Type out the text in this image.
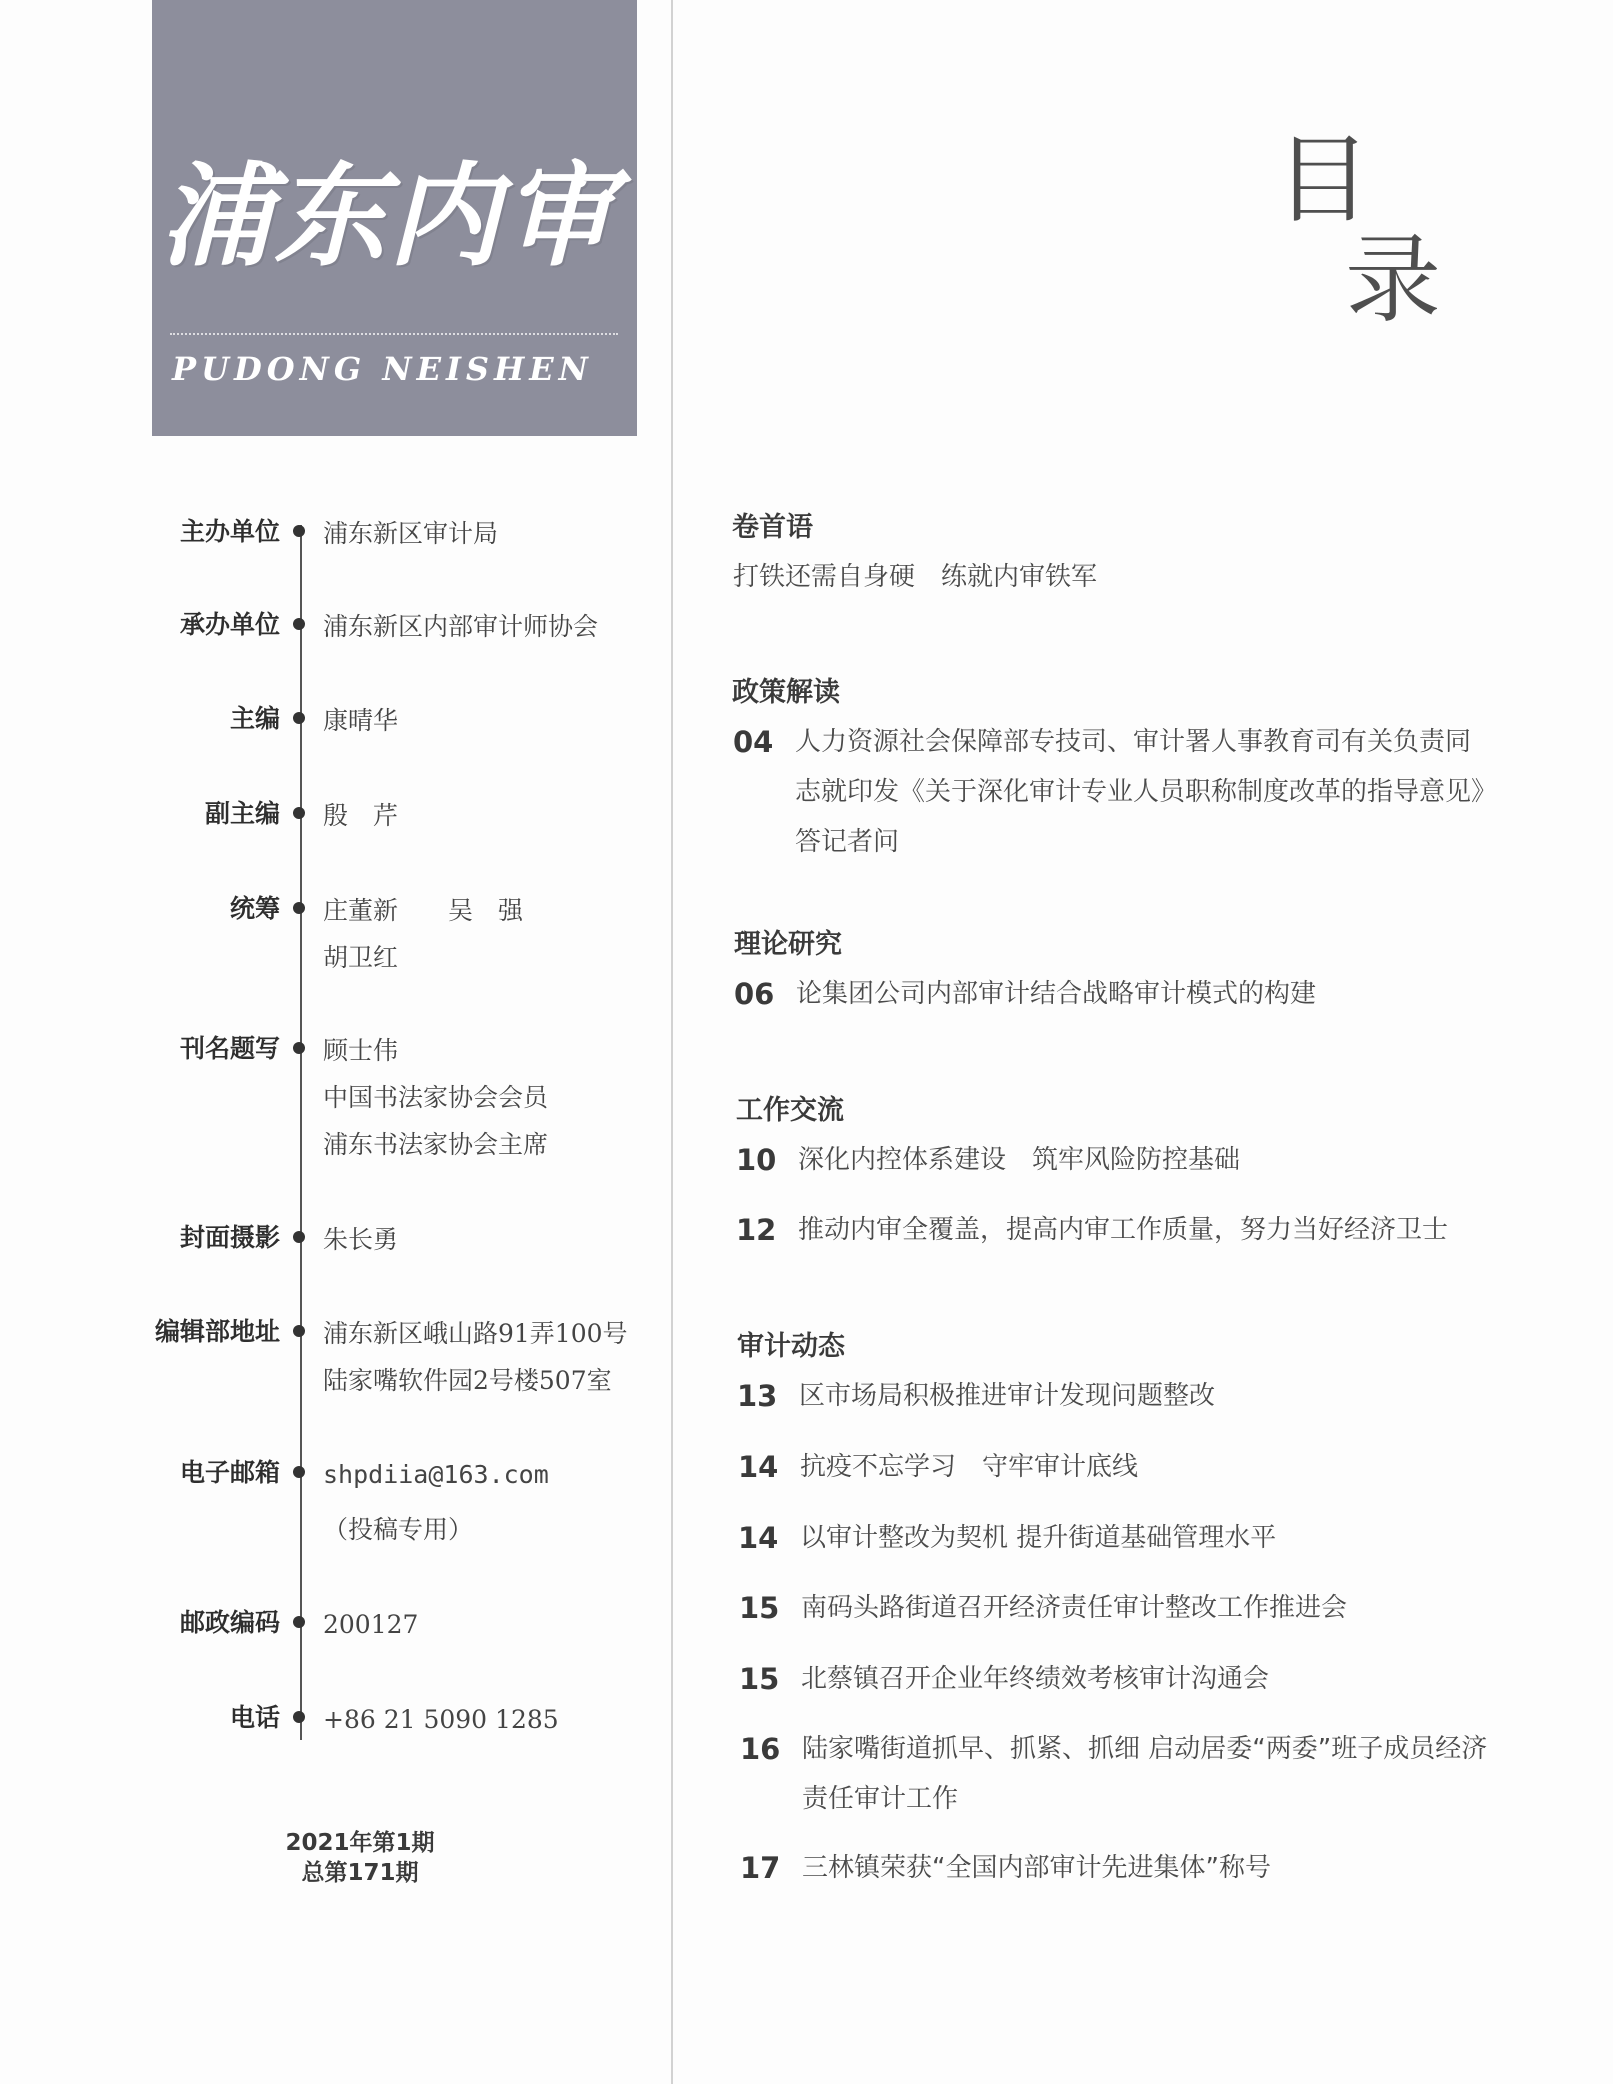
浦东内审
PUDONG NEISHEN
主办单位 浦东新区审计局
承办单位 浦东新区内部审计师协会
主编 康晴华
副主编 殷　芹
统筹 庄董新　　吴　强
胡卫红
刊名题写 顾士伟
中国书法家协会会员
浦东书法家协会主席
封面摄影 朱长勇
编辑部地址 浦东新区峨山路91弄100号
陆家嘴软件园2号楼507室
电子邮箱 shpdiia@163.com
（投稿专用）
邮政编码 200127
电话 +86 21 5090 1285
2021年第1期
总第171期
目
录
卷首语
打铁还需自身硬　练就内审铁军
政策解读
04 人力资源社会保障部专技司、审计署人事教育司有关负责同志就印发《关于深化审计专业人员职称制度改革的指导意见》答记者问
理论研究
06 论集团公司内部审计结合战略审计模式的构建
工作交流
10 深化内控体系建设　筑牢风险防控基础
12 推动内审全覆盖，提高内审工作质量，努力当好经济卫士
审计动态
13 区市场局积极推进审计发现问题整改
14 抗疫不忘学习　守牢审计底线
14 以审计整改为契机 提升街道基础管理水平
15 南码头路街道召开经济责任审计整改工作推进会
15 北蔡镇召开企业年终绩效考核审计沟通会
16 陆家嘴街道抓早、抓紧、抓细 启动居委“两委”班子成员经济责任审计工作
17 三林镇荣获“全国内部审计先进集体”称号
